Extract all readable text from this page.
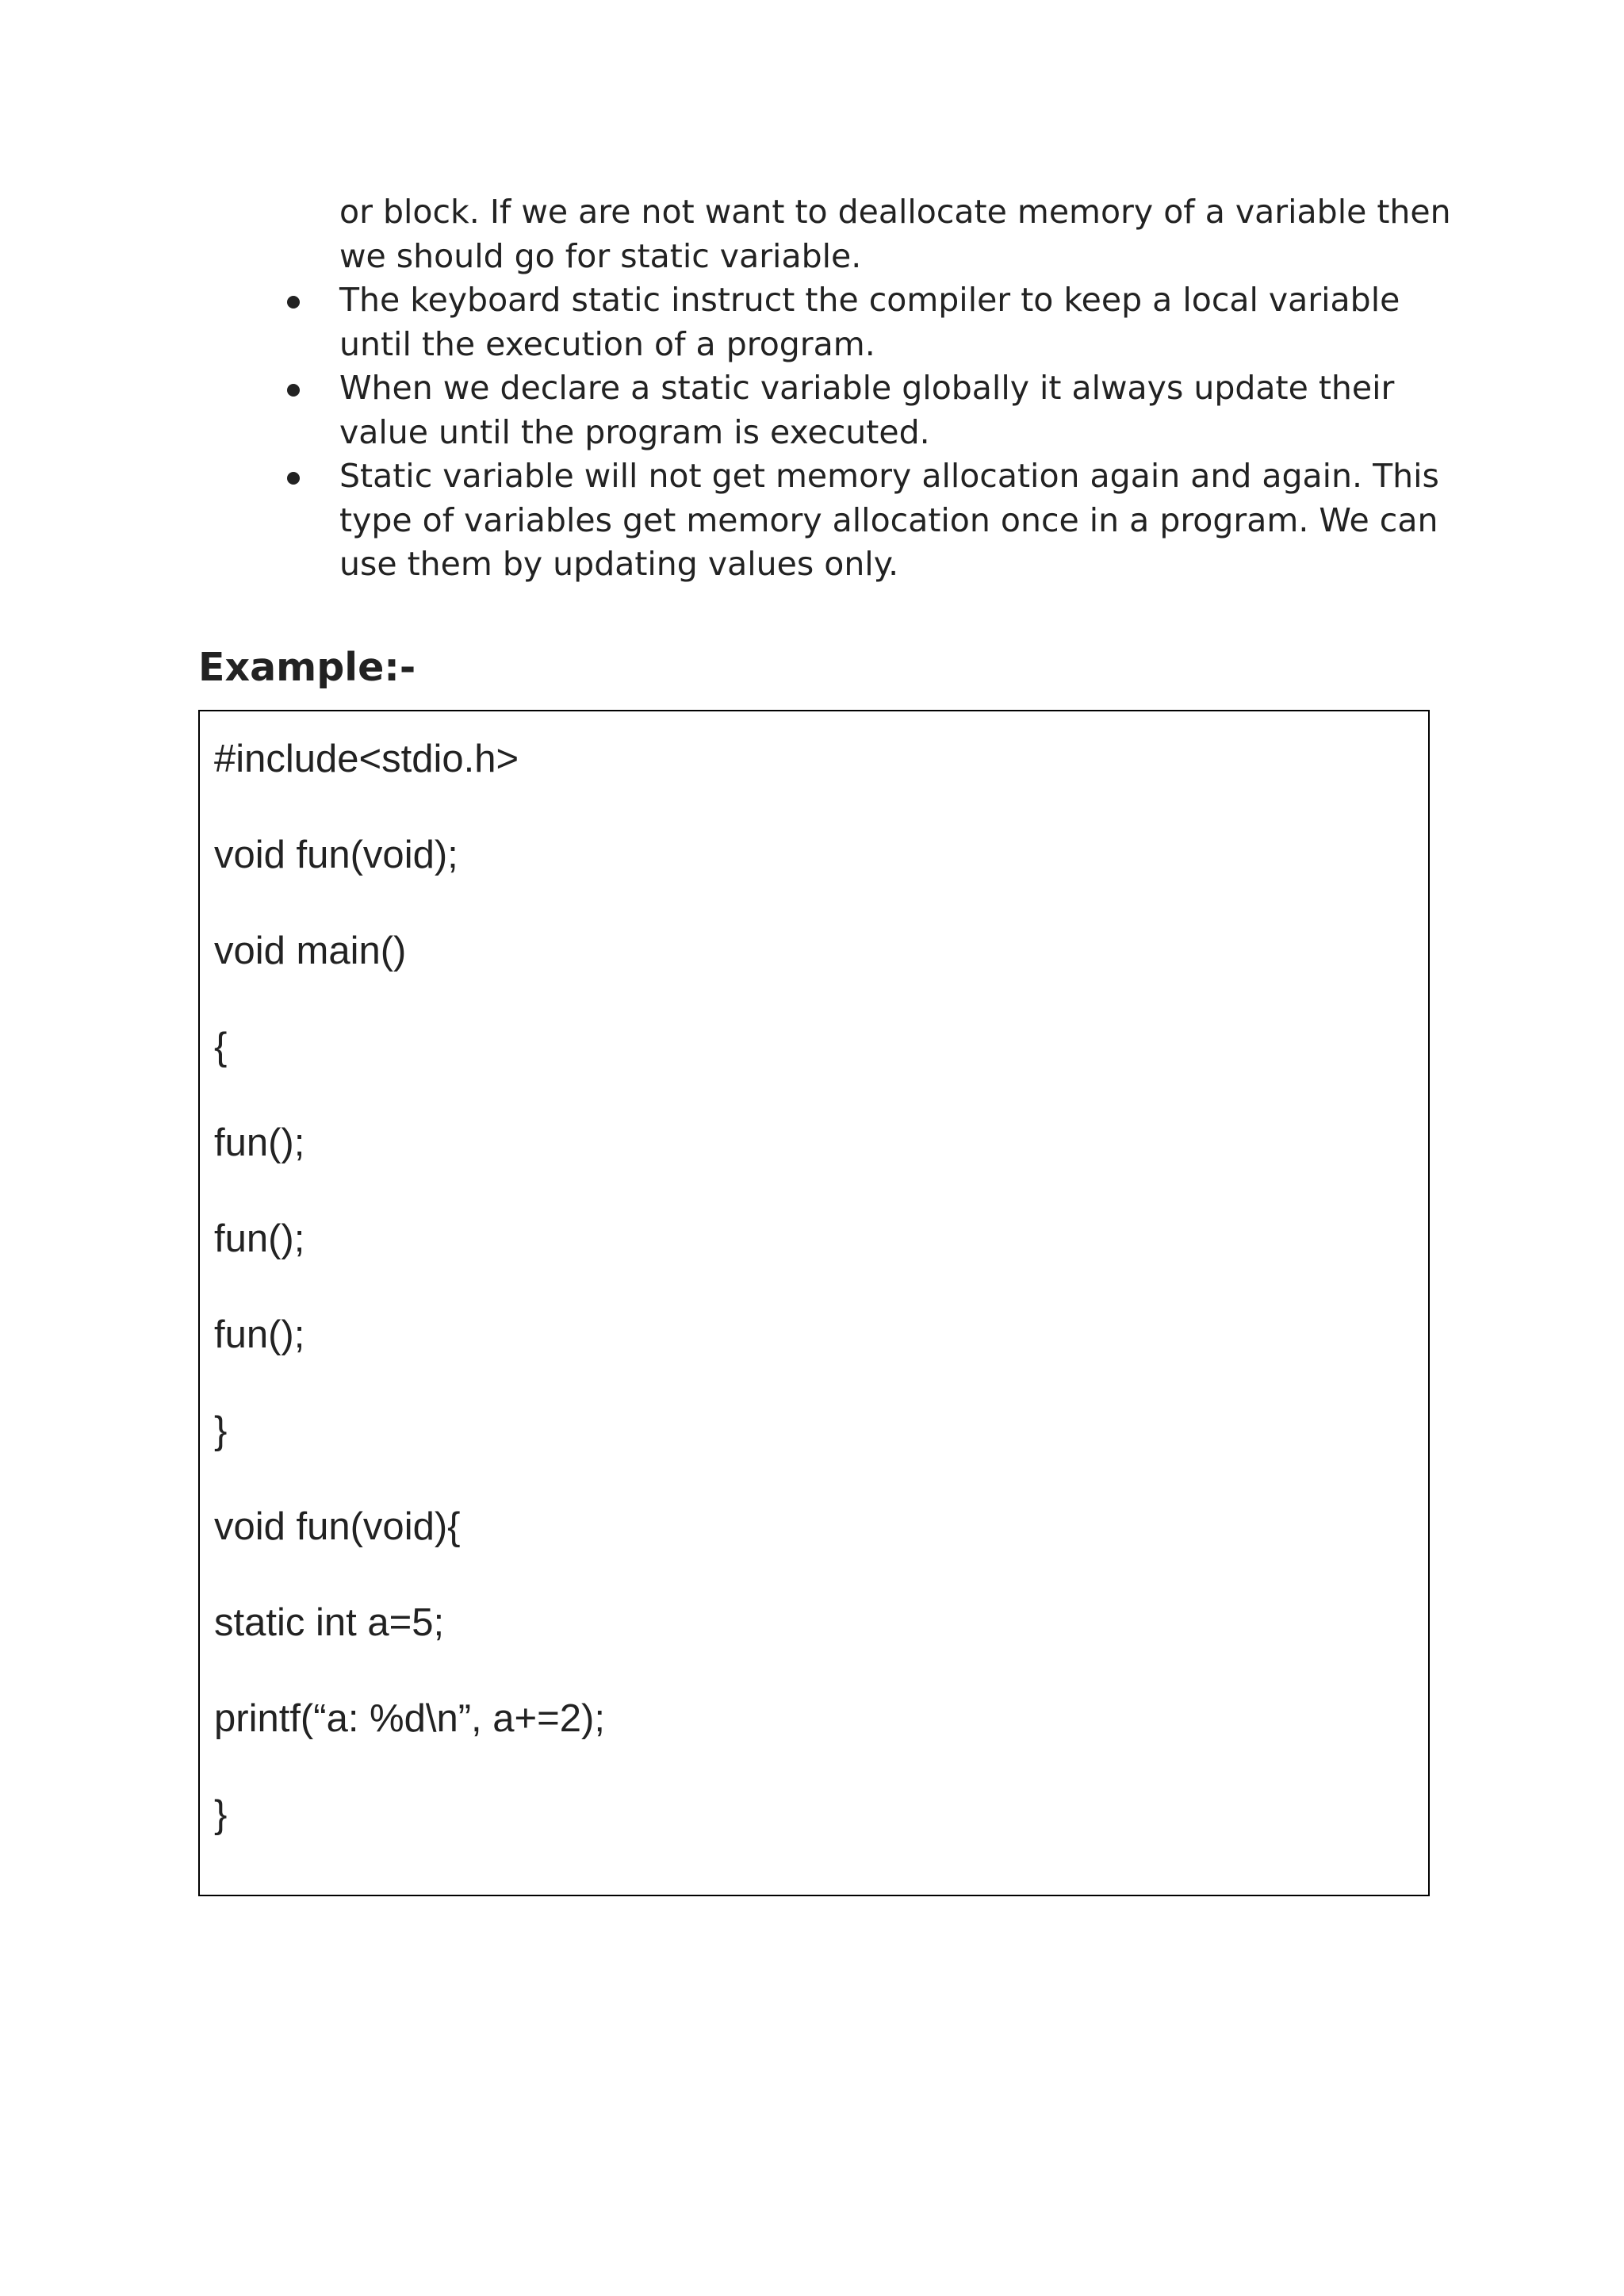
or block. If we are not want to deallocate memory of a variable then
we should go for static variable.
The keyboard static instruct the compiler to keep a local variable
until the execution of a program.
When we declare a static variable globally it always update their
value until the program is executed.
Static variable will not get memory allocation again and again. This
type of variables get memory allocation once in a program. We can
use them by updating values only.
Example:-
#include<stdio.h>
void fun(void);
void main()
{
fun();
fun();
fun();
}
void fun(void){
static int a=5;
printf(“a: %d\n”, a+=2);
}
